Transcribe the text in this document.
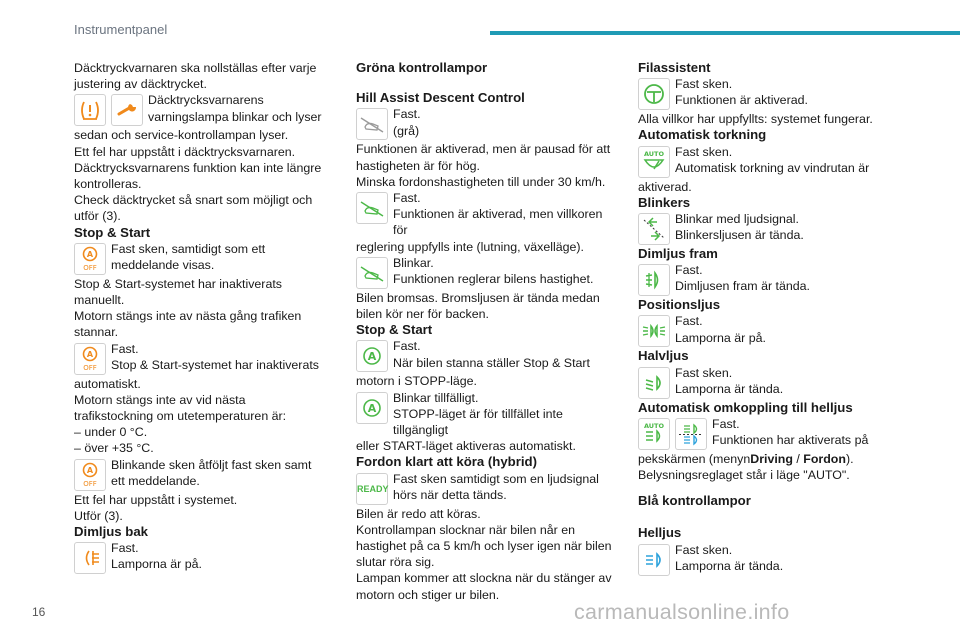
Instrumentpanel

Däcktryckvarnaren ska nollställas efter varje justering av däcktrycket.

Däcktrycksvarnarens varningslampa blinkar och lyser

sedan och service-kontrollampan lyser.

Ett fel har uppstått i däcktrycksvarnaren.

Däcktrycksvarnarens funktion kan inte längre kontrolleras.

Check däcktrycket så snart som möjligt och utför (3).

Stop & Start

A
OFF

Fast sken, samtidigt som ett meddelande visas.

Stop & Start-systemet har inaktiverats manuellt.

Motorn stängs inte av nästa gång trafiken stannar.

A
OFF

Fast.

Stop & Start-systemet har inaktiverats

automatiskt.

Motorn stängs inte av vid nästa trafikstockning om utetemperaturen är:

– under 0 °C.

– över +35 °C.

A
OFF

Blinkande sken åtföljt fast sken samt ett meddelande.

Ett fel har uppstått i systemet.

Utför (3).

Dimljus bak

Fast.

Lamporna är på.

Gröna kontrollampor

Hill Assist Descent Control

Fast.

(grå)

Funktionen är aktiverad, men är pausad för att hastigheten är för hög.

Minska fordonshastigheten till under 30 km/h.

Fast.

Funktionen är aktiverad, men villkoren för

reglering uppfylls inte (lutning, växelläge).

Blinkar.

Funktionen reglerar bilens hastighet.

Bilen bromsas. Bromsljusen är tända medan bilen kör ner för backen.

Stop & Start

A

Fast.

När bilen stanna ställer Stop & Start

motorn i STOPP-läge.

A

Blinkar tillfälligt.

STOPP-läget är för tillfället inte tillgängligt

eller START-läget aktiveras automatiskt.

Fordon klart att köra (hybrid)

READY

Fast sken samtidigt som en ljudsignal hörs när detta tänds.

Bilen är redo att köras.

Kontrollampan slocknar när bilen når en hastighet på ca 5 km/h och lyser igen när bilen slutar röra sig.

Lampan kommer att slockna när du stänger av motorn och stiger ur bilen.

Filassistent

Fast sken.

Funktionen är aktiverad.

Alla villkor har uppfyllts: systemet fungerar.

Automatisk torkning

AUTO Fast sken.

Automatisk torkning av vindrutan är

aktiverad.

Blinkers

Blinkar med ljudsignal.

Blinkersljusen är tända.

Dimljus fram

Fast.

Dimljusen fram är tända.

Positionsljus

Fast.

Lamporna är på.

Halvljus

Fast sken.

Lamporna är tända.

Automatisk omkoppling till helljus

AUTO	Fast.

Funktionen har aktiverats på

pekskärmen (menynDriving / Fordon).

Belysningsreglaget står i läge "AUTO".

Blå kontrollampor

Helljus

Fast sken.

Lamporna är tända.

16	carmanualsonline.info
